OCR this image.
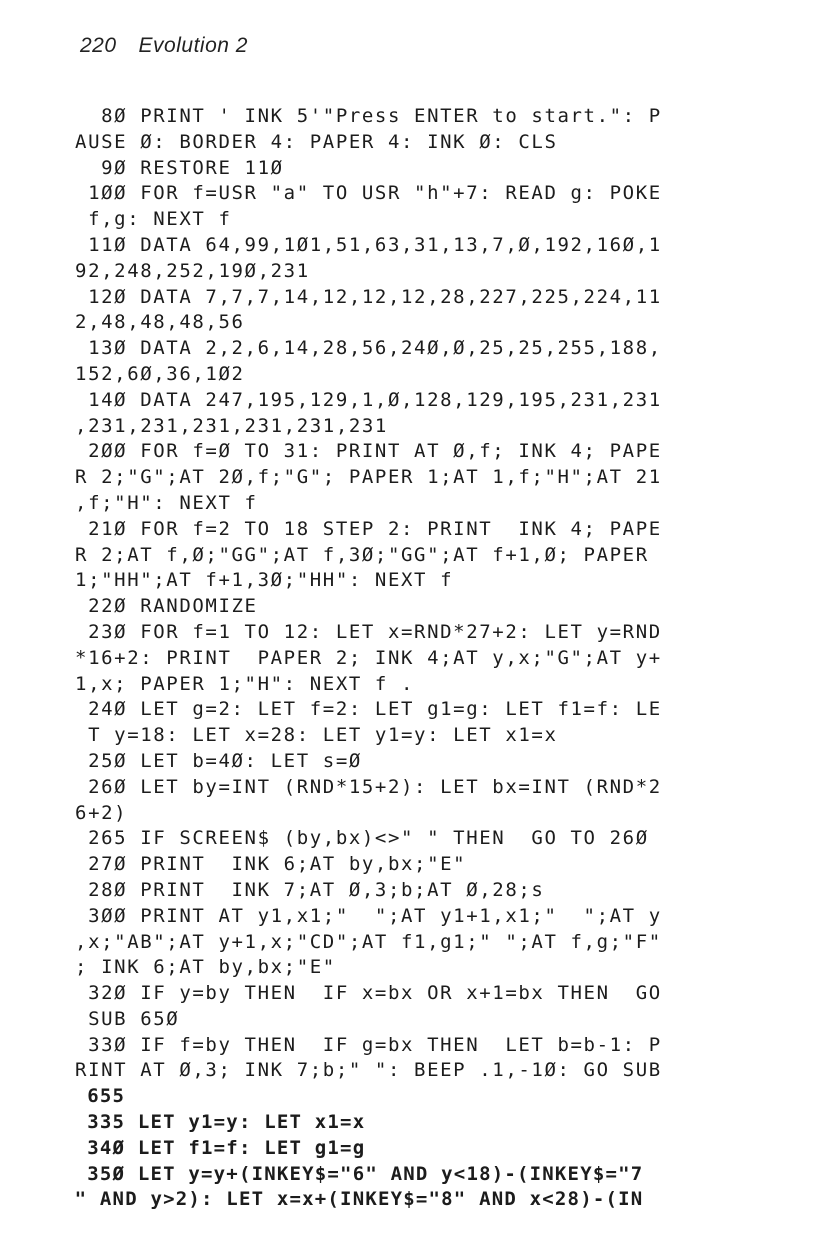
220 Evolution 2
8Ø PRINT ' INK 5'"Press ENTER to start.": P
AUSE Ø: BORDER 4: PAPER 4: INK Ø: CLS
9Ø RESTORE 11Ø
1ØØ FOR f=USR "a" TO USR "h"+7: READ g: POKE
f,g: NEXT f
11Ø DATA 64,99,1Ø1,51,63,31,13,7,Ø,192,16Ø,1
92,248,252,19Ø,231
12Ø DATA 7,7,7,14,12,12,12,28,227,225,224,11
2,48,48,48,56
13Ø DATA 2,2,6,14,28,56,24Ø,Ø,25,25,255,188,
152,6Ø,36,1Ø2
14Ø DATA 247,195,129,1,Ø,128,129,195,231,231
,231,231,231,231,231,231
2ØØ FOR f=Ø TO 31: PRINT AT Ø,f; INK 4; PAPE
R 2;"G";AT 2Ø,f;"G"; PAPER 1;AT 1,f;"H";AT 21
,f;"H": NEXT f
21Ø FOR f=2 TO 18 STEP 2: PRINT  INK 4; PAPE
R 2;AT f,Ø;"GG";AT f,3Ø;"GG";AT f+1,Ø; PAPER
1;"HH";AT f+1,3Ø;"HH": NEXT f
22Ø RANDOMIZE
23Ø FOR f=1 TO 12: LET x=RND*27+2: LET y=RND
*16+2: PRINT  PAPER 2; INK 4;AT y,x;"G";AT y+
1,x; PAPER 1;"H": NEXT f .
24Ø LET g=2: LET f=2: LET g1=g: LET f1=f: LE
T y=18: LET x=28: LET y1=y: LET x1=x
25Ø LET b=4Ø: LET s=Ø
26Ø LET by=INT (RND*15+2): LET bx=INT (RND*2
6+2)
265 IF SCREEN$ (by,bx)<>" " THEN  GO TO 26Ø
27Ø PRINT  INK 6;AT by,bx;"E"
28Ø PRINT  INK 7;AT Ø,3;b;AT Ø,28;s
3ØØ PRINT AT y1,x1;"  ";AT y1+1,x1;"  ";AT y
,x;"AB";AT y+1,x;"CD";AT f1,g1;" ";AT f,g;"F"
; INK 6;AT by,bx;"E"
32Ø IF y=by THEN  IF x=bx OR x+1=bx THEN  GO
SUB 65Ø
33Ø IF f=by THEN  IF g=bx THEN  LET b=b-1: P
RINT AT Ø,3; INK 7;b;" ": BEEP .1,-1Ø: GO SUB
655
335 LET y1=y: LET x1=x
34Ø LET f1=f: LET g1=g
35Ø LET y=y+(INKEY$="6" AND y<18)-(INKEY$="7
" AND y>2): LET x=x+(INKEY$="8" AND x<28)-(IN
